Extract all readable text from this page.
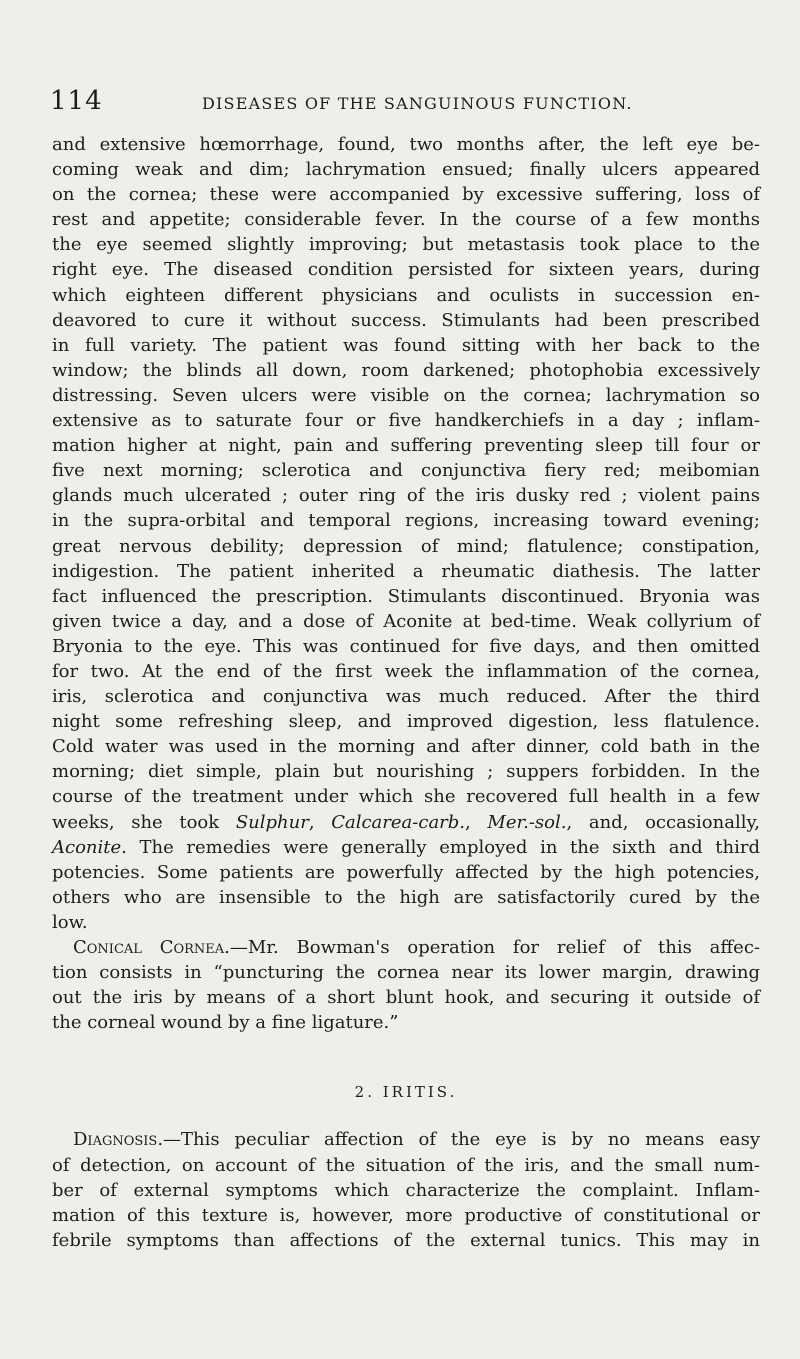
114	DISEASES OF THE SANGUINOUS FUNCTION.
and extensive hœmorrhage, found, two months after, the left eye be-
coming weak and dim; lachrymation ensued; finally ulcers appeared
on the cornea; these were accompanied by excessive suffering, loss of
rest and appetite; considerable fever. In the course of a few months
the eye seemed slightly improving; but metastasis took place to the
right eye. The diseased condition persisted for sixteen years, during
which eighteen different physicians and oculists in succession en-
deavored to cure it without success. Stimulants had been prescribed
in full variety. The patient was found sitting with her back to the
window; the blinds all down, room darkened; photophobia excessively
distressing. Seven ulcers were visible on the cornea; lachrymation so
extensive as to saturate four or five handkerchiefs in a day ; inflam-
mation higher at night, pain and suffering preventing sleep till four or
five next morning; sclerotica and conjunctiva fiery red; meibomian
glands much ulcerated ; outer ring of the iris dusky red ; violent pains
in the supra-orbital and temporal regions, increasing toward evening;
great nervous debility; depression of mind; flatulence; constipation,
indigestion. The patient inherited a rheumatic diathesis. The latter
fact influenced the prescription. Stimulants discontinued. Bryonia was
given twice a day, and a dose of Aconite at bed-time. Weak collyrium of
Bryonia to the eye. This was continued for five days, and then omitted
for two. At the end of the first week the inflammation of the cornea,
iris, sclerotica and conjunctiva was much reduced. After the third
night some refreshing sleep, and improved digestion, less flatulence.
Cold water was used in the morning and after dinner, cold bath in the
morning; diet simple, plain but nourishing ; suppers forbidden. In the
course of the treatment under which she recovered full health in a few
weeks, she took Sulphur, Calcarea-carb., Mer.-sol., and, occasionally,
Aconite. The remedies were generally employed in the sixth and third
potencies. Some patients are powerfully affected by the high potencies,
others who are insensible to the high are satisfactorily cured by the
low.
Conical Cornea.—Mr. Bowman's operation for relief of this affec-
tion consists in “puncturing the cornea near its lower margin, drawing
out the iris by means of a short blunt hook, and securing it outside of
the corneal wound by a fine ligature.”
2. IRITIS.
Diagnosis.—This peculiar affection of the eye is by no means easy
of detection, on account of the situation of the iris, and the small num-
ber of external symptoms which characterize the complaint. Inflam-
mation of this texture is, however, more productive of constitutional or
febrile symptoms than affections of the external tunics. This may in
